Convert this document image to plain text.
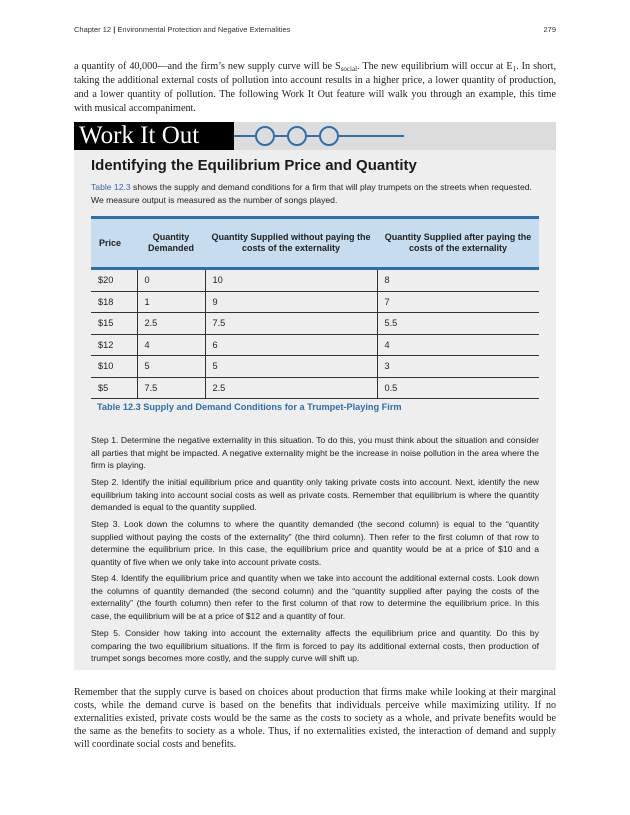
Chapter 12 | Environmental Protection and Negative Externalities	279

a quantity of 40,000—and the firm’s new supply curve will be $S_{social}$. The new equilibrium will occur at $E_1$. In short, taking the additional external costs of pollution into account results in a higher price, a lower quantity of production, and a lower quantity of pollution. The following Work It Out feature will walk you through an example, this time with musical accompaniment.

Work It Out
Identifying the Equilibrium Price and Quantity

Table 12.3 shows the supply and demand conditions for a firm that will play trumpets on the streets when requested. We measure output is measured as the number of songs played.

Price	Quantity Demanded	Quantity Supplied without paying the costs of the externality	Quantity Supplied after paying the costs of the externality
$20	0	10	8
$18	1	9	7
$15	2.5	7.5	5.5
$12	4	6	4
$10	5	5	3
$5	7.5	2.5	0.5
Table 12.3 Supply and Demand Conditions for a Trumpet-Playing Firm

Step 1. Determine the negative externality in this situation. To do this, you must think about the situation and consider all parties that might be impacted. A negative externality might be the increase in noise pollution in the area where the firm is playing.

Step 2. Identify the initial equilibrium price and quantity only taking private costs into account. Next, identify the new equilibrium taking into account social costs as well as private costs. Remember that equilibrium is where the quantity demanded is equal to the quantity supplied.

Step 3. Look down the columns to where the quantity demanded (the second column) is equal to the “quantity supplied without paying the costs of the externality” (the third column). Then refer to the first column of that row to determine the equilibrium price. In this case, the equilibrium price and quantity would be at a price of $10 and a quantity of five when we only take into account private costs.

Step 4. Identify the equilibrium price and quantity when we take into account the additional external costs. Look down the columns of quantity demanded (the second column) and the “quantity supplied after paying the costs of the externality” (the fourth column) then refer to the first column of that row to determine the equilibrium price. In this case, the equilibrium will be at a price of $12 and a quantity of four.

Step 5. Consider how taking into account the externality affects the equilibrium price and quantity. Do this by comparing the two equilibrium situations. If the firm is forced to pay its additional external costs, then production of trumpet songs becomes more costly, and the supply curve will shift up.

Remember that the supply curve is based on choices about production that firms make while looking at their marginal costs, while the demand curve is based on the benefits that individuals perceive while maximizing utility. If no externalities existed, private costs would be the same as the costs to society as a whole, and private benefits would be the same as the benefits to society as a whole. Thus, if no externalities existed, the interaction of demand and supply will coordinate social costs and benefits.
